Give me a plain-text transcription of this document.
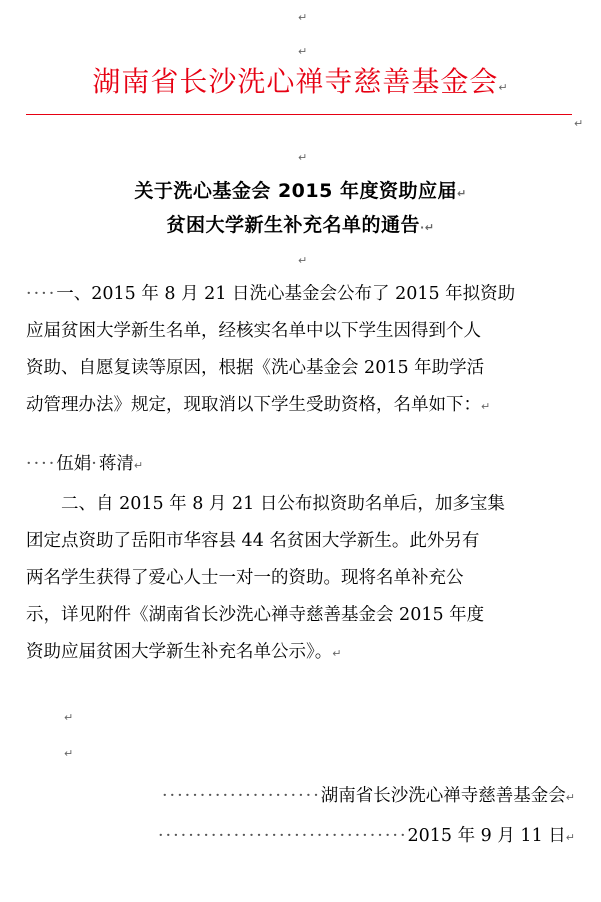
↵
↵
湖南省长沙洗心禅寺慈善基金会↵
↵
↵
关于洗心基金会 2015 年度资助应届↵
贫困大学新生补充名单的通告·↵
↵
····一、2015 年 8 月 21 日洗心基金会公布了 2015 年拟资助
应届贫困大学新生名单，经核实名单中以下学生因得到个人
资助、自愿复读等原因，根据《洗心基金会 2015 年助学活
动管理办法》规定，现取消以下学生受助资格，名单如下：↵
····伍娟·蒋清↵
二、自 2015 年 8 月 21 日公布拟资助名单后，加多宝集
团定点资助了岳阳市华容县 44 名贫困大学新生。此外另有
两名学生获得了爱心人士一对一的资助。现将名单补充公
示，详见附件《湖南省长沙洗心禅寺慈善基金会 2015 年度
资助应届贫困大学新生补充名单公示》。↵
↵
↵
·····················湖南省长沙洗心禅寺慈善基金会↵
·································2015 年 9 月 11 日↵
